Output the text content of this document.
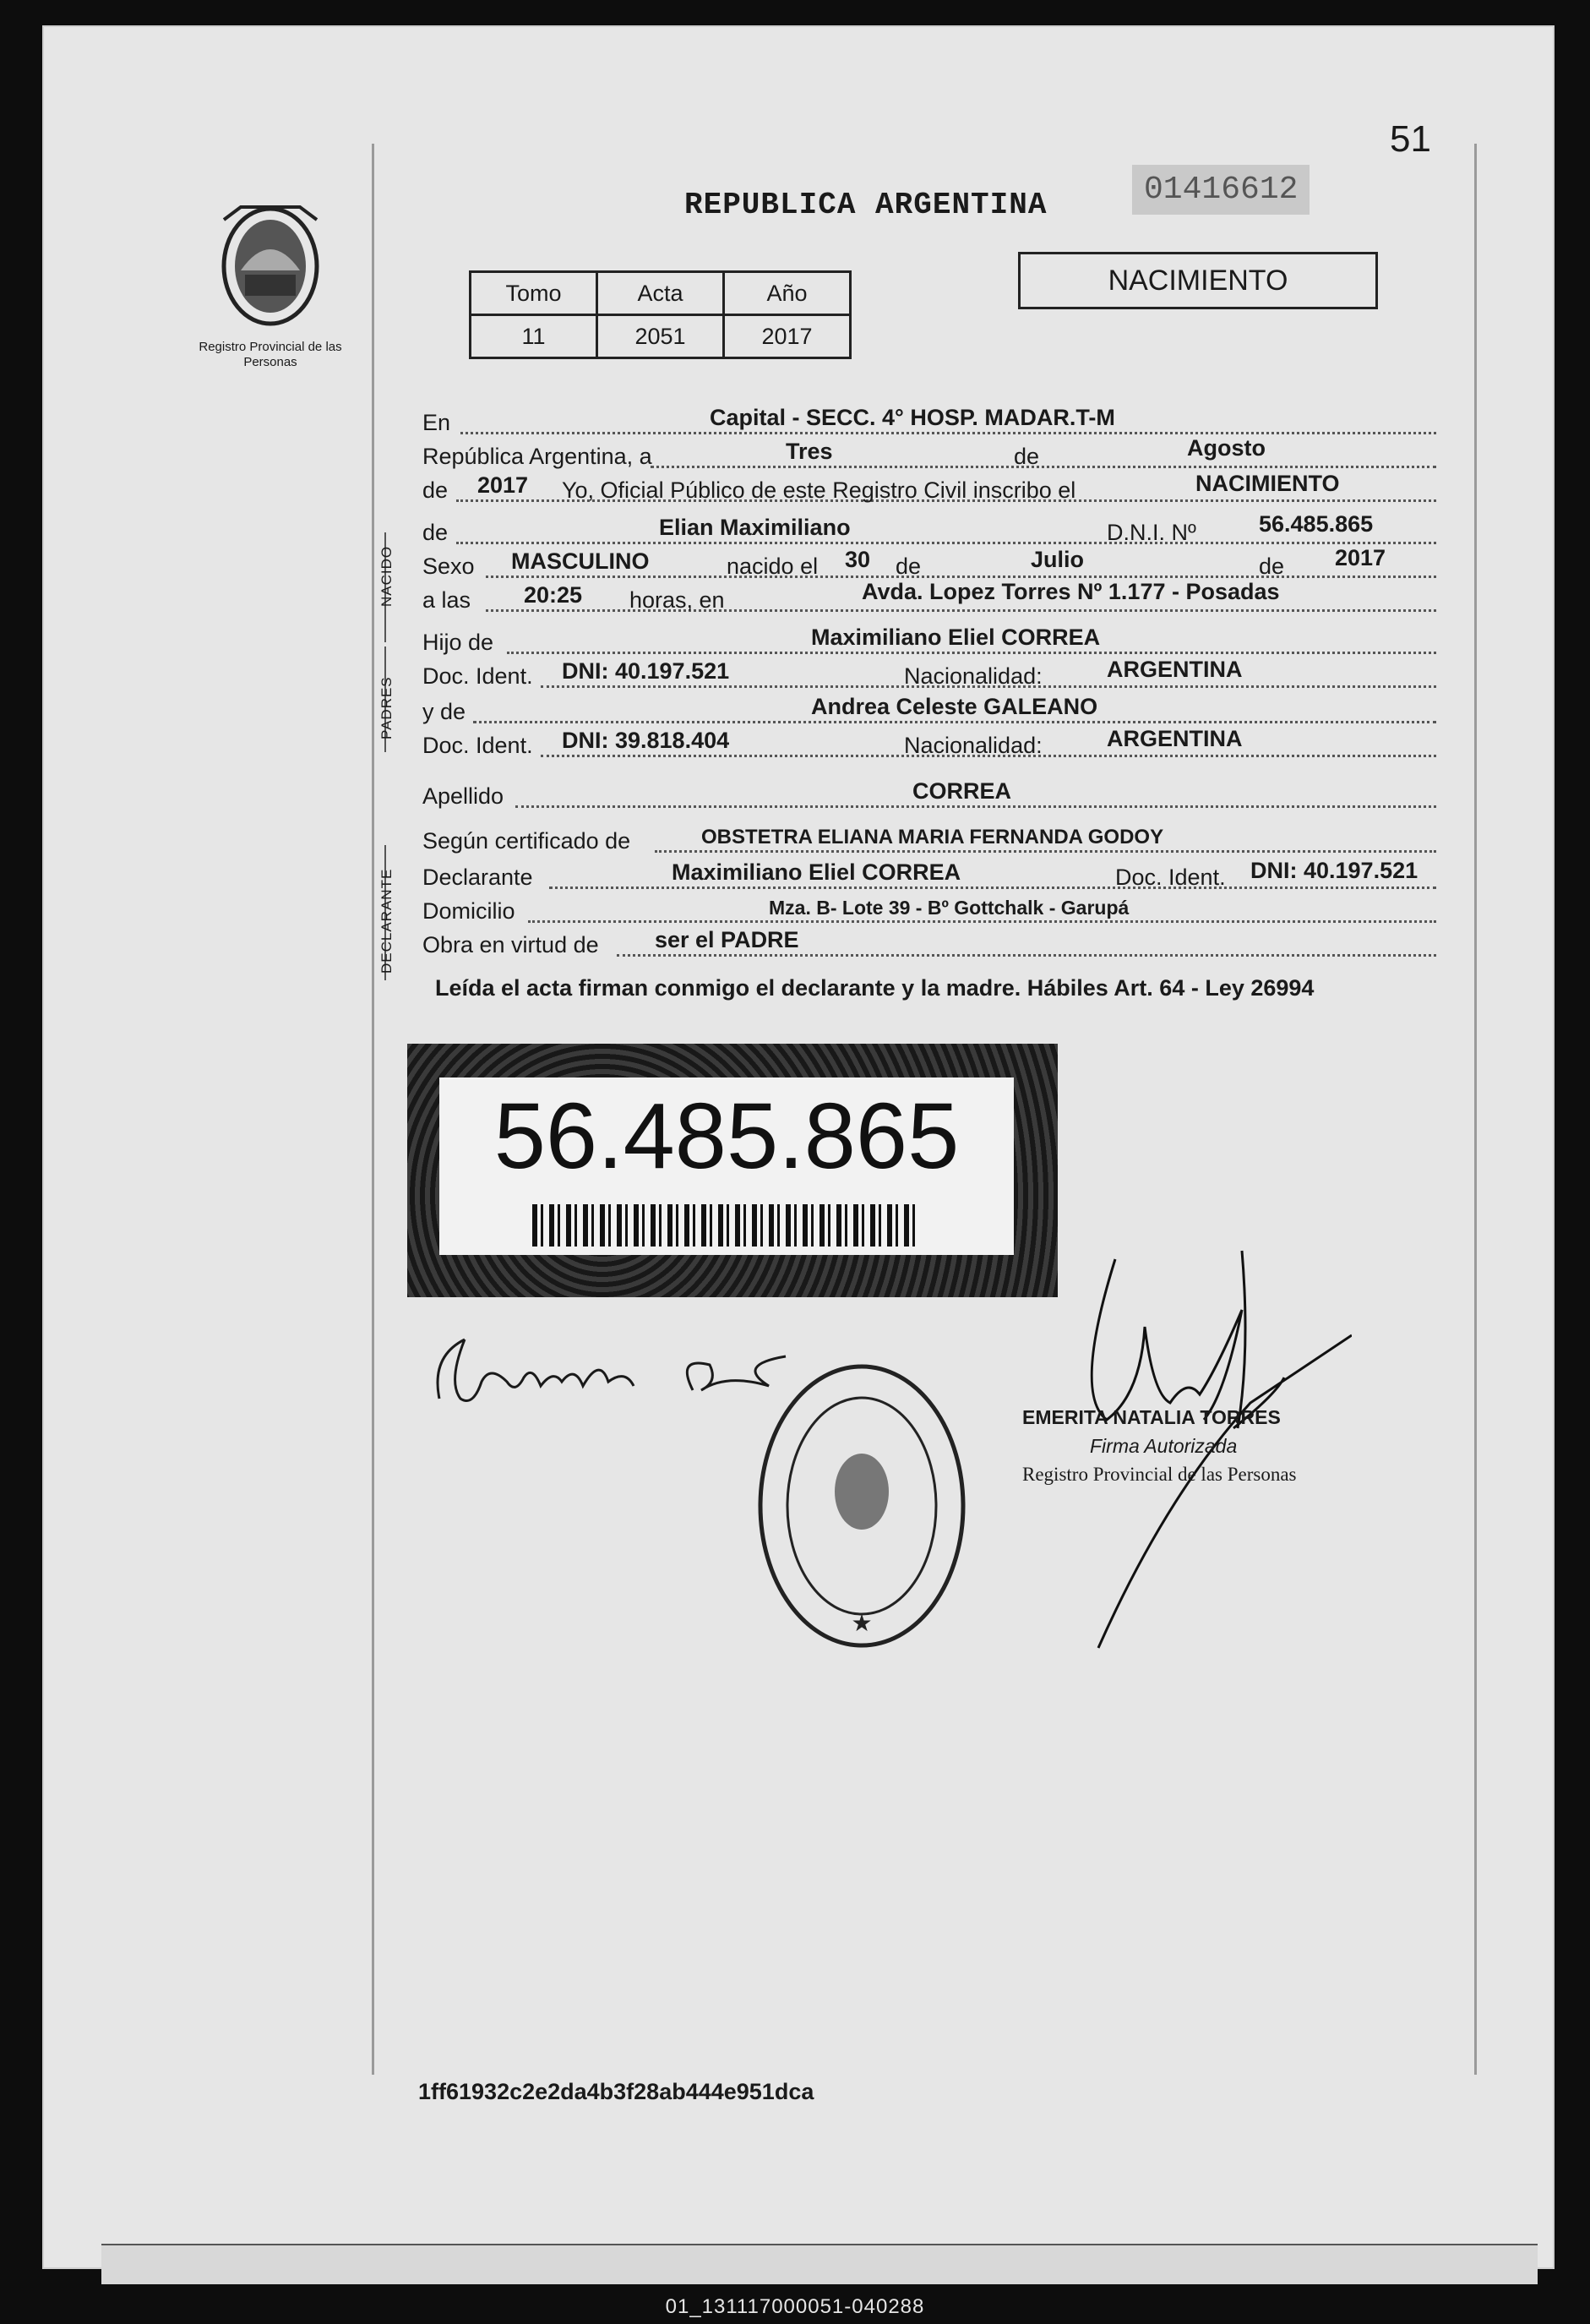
51
Registro Provincial de las Personas
REPUBLICA ARGENTINA	01416612
Tomo	Acta	Año
11	2051	2017
NACIMIENTO
En	Capital - SECC. 4° HOSP. MADAR.T-M
República Argentina, a	Tres	de	Agosto
de 2017 Yo, Oficial Público de este Registro Civil inscribo el	NACIMIENTO
NACIDO
de	Elian Maximiliano	D.N.I. Nº	56.485.865
Sexo MASCULINO	nacido el 30 de	Julio	de 2017
a las 20:25 horas, en	Avda. Lopez Torres Nº 1.177 - Posadas
PADRES
Hijo de	Maximiliano Eliel CORREA
Doc. Ident. DNI: 40.197.521	Nacionalidad:	ARGENTINA
y de	Andrea Celeste GALEANO
Doc. Ident. DNI: 39.818.404	Nacionalidad:	ARGENTINA
Apellido	CORREA
DECLARANTE
Según certificado de	OBSTETRA ELIANA MARIA FERNANDA GODOY
Declarante	Maximiliano Eliel CORREA	Doc. Ident. DNI: 40.197.521
Domicilio	Mza. B- Lote 39 - Bº Gottchalk - Garupá
Obra en virtud de ser el PADRE
Leída el acta firman conmigo el declarante y la madre. Hábiles Art. 64 - Ley 26994
56.485.865
★
EMERITA NATALIA TORRES
Firma Autorizada
Registro Provincial de las Personas
1ff61932c2e2da4b3f28ab444e951dca
01_131117000051-040288
